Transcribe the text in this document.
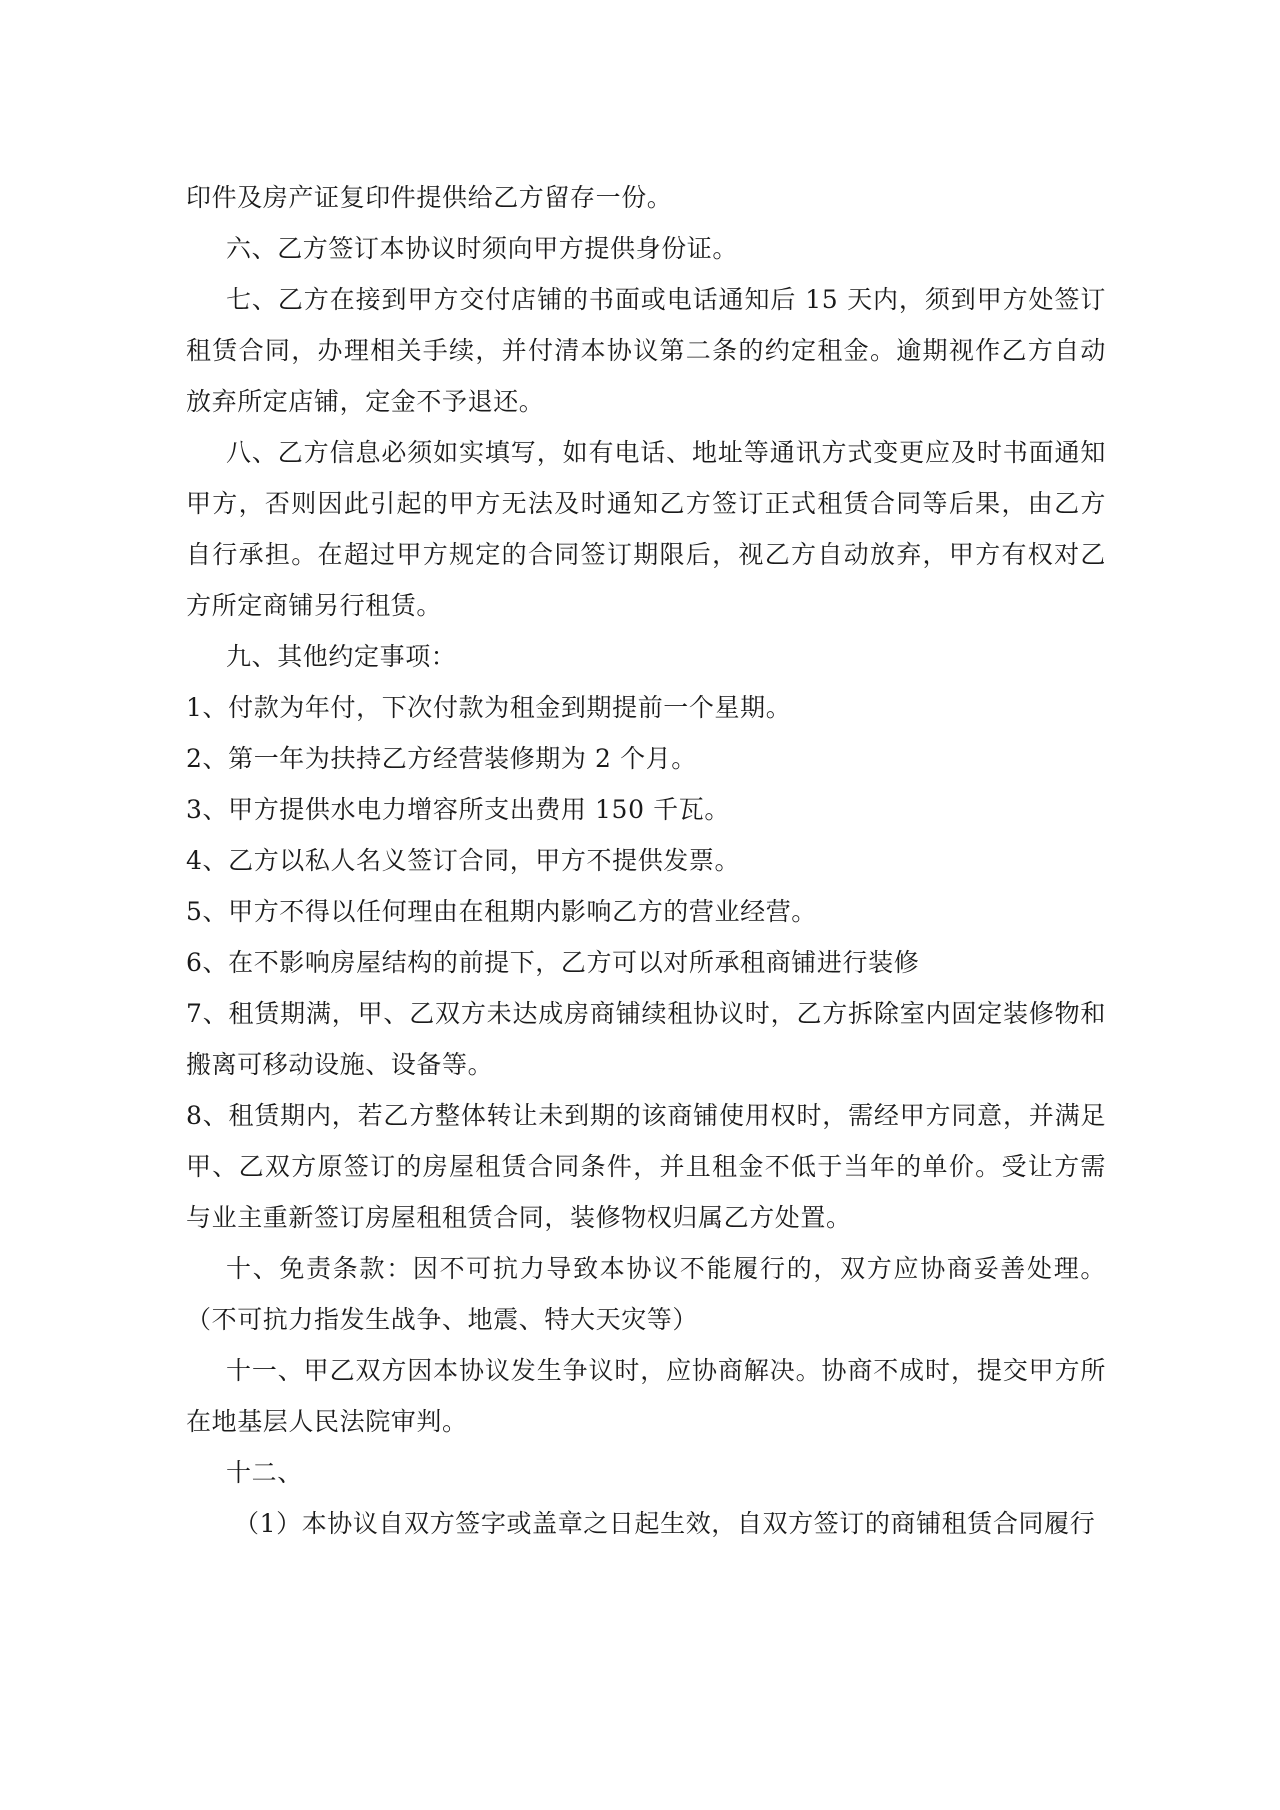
印件及房产证复印件提供给乙方留存一份。

六、乙方签订本协议时须向甲方提供身份证。

七、乙方在接到甲方交付店铺的书面或电话通知后 15 天内，须到甲方处签订租赁合同，办理相关手续，并付清本协议第二条的约定租金。逾期视作乙方自动放弃所定店铺，定金不予退还。

八、乙方信息必须如实填写，如有电话、地址等通讯方式变更应及时书面通知甲方，否则因此引起的甲方无法及时通知乙方签订正式租赁合同等后果，由乙方自行承担。在超过甲方规定的合同签订期限后，视乙方自动放弃，甲方有权对乙方所定商铺另行租赁。

九、其他约定事项：

1、付款为年付，下次付款为租金到期提前一个星期。

2、第一年为扶持乙方经营装修期为 2 个月。

3、甲方提供水电力增容所支出费用 150 千瓦。

4、乙方以私人名义签订合同，甲方不提供发票。

5、甲方不得以任何理由在租期内影响乙方的营业经营。

6、在不影响房屋结构的前提下，乙方可以对所承租商铺进行装修

7、租赁期满，甲、乙双方未达成房商铺续租协议时，乙方拆除室内固定装修物和搬离可移动设施、设备等。

8、租赁期内，若乙方整体转让未到期的该商铺使用权时，需经甲方同意，并满足甲、乙双方原签订的房屋租赁合同条件，并且租金不低于当年的单价。受让方需与业主重新签订房屋租租赁合同，装修物权归属乙方处置。

十、免责条款：因不可抗力导致本协议不能履行的，双方应协商妥善处理。（不可抗力指发生战争、地震、特大天灾等）

十一、甲乙双方因本协议发生争议时，应协商解决。协商不成时，提交甲方所在地基层人民法院审判。

十二、

（1）本协议自双方签字或盖章之日起生效，自双方签订的商铺租赁合同履行
